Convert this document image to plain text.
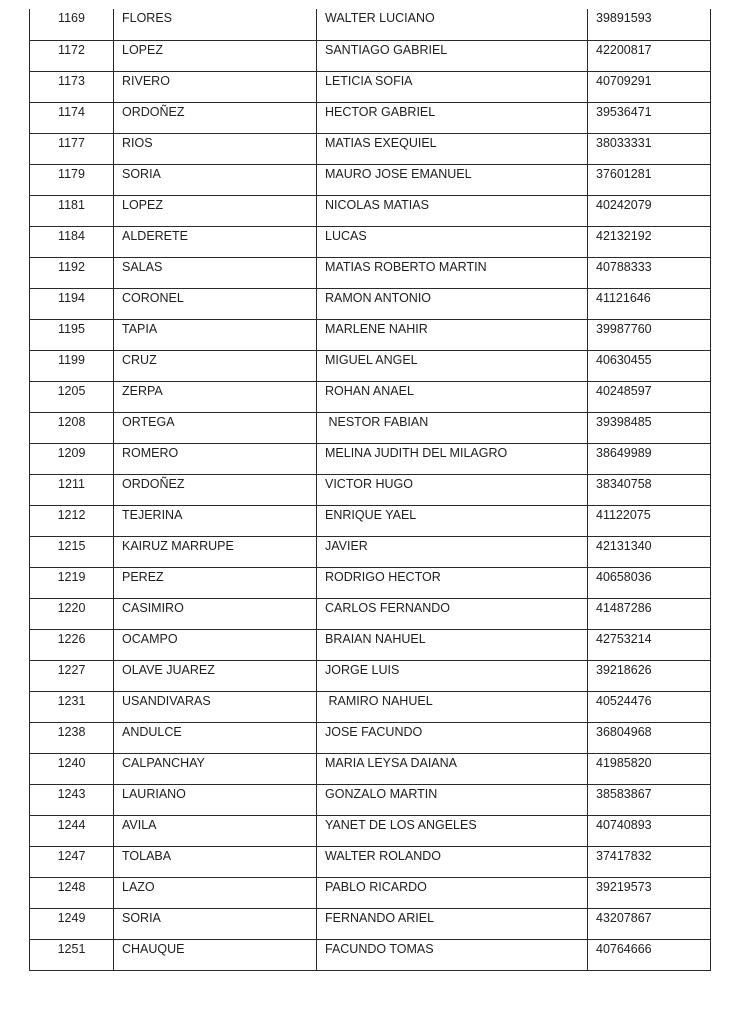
1169	FLORES	WALTER LUCIANO	39891593
1172	LOPEZ	SANTIAGO GABRIEL	42200817
1173	RIVERO	LETICIA SOFIA	40709291
1174	ORDOÑEZ	HECTOR GABRIEL	39536471
1177	RIOS	MATIAS EXEQUIEL	38033331
1179	SORIA	MAURO JOSE EMANUEL	37601281
1181	LOPEZ	NICOLAS MATIAS	40242079
1184	ALDERETE	LUCAS	42132192
1192	SALAS	MATIAS ROBERTO MARTIN	40788333
1194	CORONEL	RAMON ANTONIO	41121646
1195	TAPIA	MARLENE NAHIR	39987760
1199	CRUZ	MIGUEL ANGEL	40630455
1205	ZERPA	ROHAN ANAEL	40248597
1208	ORTEGA	NESTOR FABIAN	39398485
1209	ROMERO	MELINA JUDITH DEL MILAGRO	38649989
1211	ORDOÑEZ	VICTOR HUGO	38340758
1212	TEJERINA	ENRIQUE YAEL	41122075
1215	KAIRUZ MARRUPE	JAVIER	42131340
1219	PEREZ	RODRIGO HECTOR	40658036
1220	CASIMIRO	CARLOS FERNANDO	41487286
1226	OCAMPO	BRAIAN NAHUEL	42753214
1227	OLAVE JUAREZ	JORGE LUIS	39218626
1231	USANDIVARAS	RAMIRO NAHUEL	40524476
1238	ANDULCE	JOSE FACUNDO	36804968
1240	CALPANCHAY	MARIA LEYSA DAIANA	41985820
1243	LAURIANO	GONZALO MARTIN	38583867
1244	AVILA	YANET DE LOS ANGELES	40740893
1247	TOLABA	WALTER ROLANDO	37417832
1248	LAZO	PABLO RICARDO	39219573
1249	SORIA	FERNANDO ARIEL	43207867
1251	CHAUQUE	FACUNDO TOMAS	40764666
